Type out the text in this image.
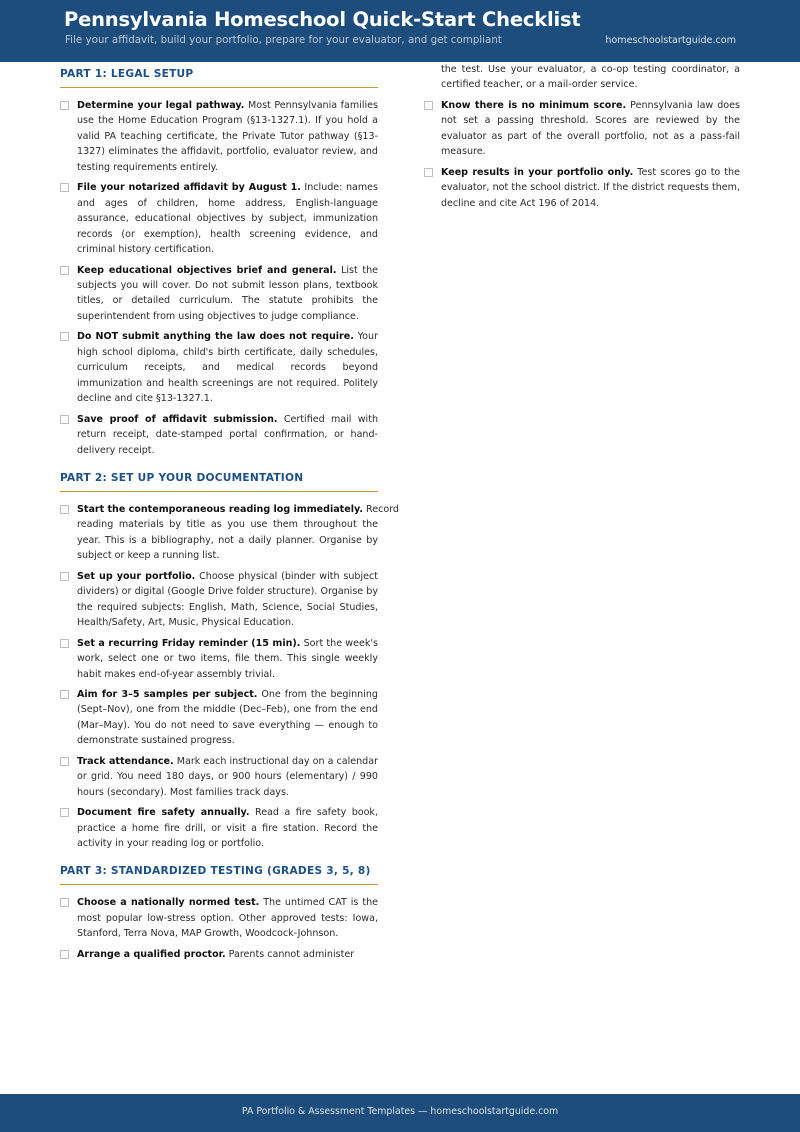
Pennsylvania Homeschool Quick-Start Checklist
File your affidavit, build your portfolio, prepare for your evaluator, and get compliant	homeschoolstartguide.com
PART 1: LEGAL SETUP
Determine your legal pathway. Most Pennsylvania families use the Home Education Program (§13-1327.1). If you hold a valid PA teaching certificate, the Private Tutor pathway (§13-1327) eliminates the affidavit, portfolio, evaluator review, and testing requirements entirely.
File your notarized affidavit by August 1. Include: names and ages of children, home address, English-language assurance, educational objectives by subject, immunization records (or exemption), health screening evidence, and criminal history certification.
Keep educational objectives brief and general. List the subjects you will cover. Do not submit lesson plans, textbook titles, or detailed curriculum. The statute prohibits the superintendent from using objectives to judge compliance.
Do NOT submit anything the law does not require. Your high school diploma, child's birth certificate, daily schedules, curriculum receipts, and medical records beyond immunization and health screenings are not required. Politely decline and cite §13-1327.1.
Save proof of affidavit submission. Certified mail with return receipt, date-stamped portal confirmation, or hand-delivery receipt.
PART 2: SET UP YOUR DOCUMENTATION
Start the contemporaneous reading log immediately. Record
reading materials by title as you use them throughout the year. This is a bibliography, not a daily planner. Organise by subject or keep a running list.
Set up your portfolio. Choose physical (binder with subject dividers) or digital (Google Drive folder structure). Organise by the required subjects: English, Math, Science, Social Studies, Health/Safety, Art, Music, Physical Education.
Set a recurring Friday reminder (15 min). Sort the week's work, select one or two items, file them. This single weekly habit makes end-of-year assembly trivial.
Aim for 3–5 samples per subject. One from the beginning (Sept–Nov), one from the middle (Dec–Feb), one from the end (Mar–May). You do not need to save everything — enough to demonstrate sustained progress.
Track attendance. Mark each instructional day on a calendar or grid. You need 180 days, or 900 hours (elementary) / 990 hours (secondary). Most families track days.
Document fire safety annually. Read a fire safety book, practice a home fire drill, or visit a fire station. Record the activity in your reading log or portfolio.
PART 3: STANDARDIZED TESTING (GRADES 3, 5, 8)
Choose a nationally normed test. The untimed CAT is the most popular low-stress option. Other approved tests: Iowa, Stanford, Terra Nova, MAP Growth, Woodcock-Johnson.
Arrange a qualified proctor. Parents cannot administer
the test. Use your evaluator, a co-op testing coordinator, a certified teacher, or a mail-order service.
Know there is no minimum score. Pennsylvania law does not set a passing threshold. Scores are reviewed by the evaluator as part of the overall portfolio, not as a pass-fail measure.
Keep results in your portfolio only. Test scores go to the evaluator, not the school district. If the district requests them, decline and cite Act 196 of 2014.
PA Portfolio & Assessment Templates — homeschoolstartguide.com
